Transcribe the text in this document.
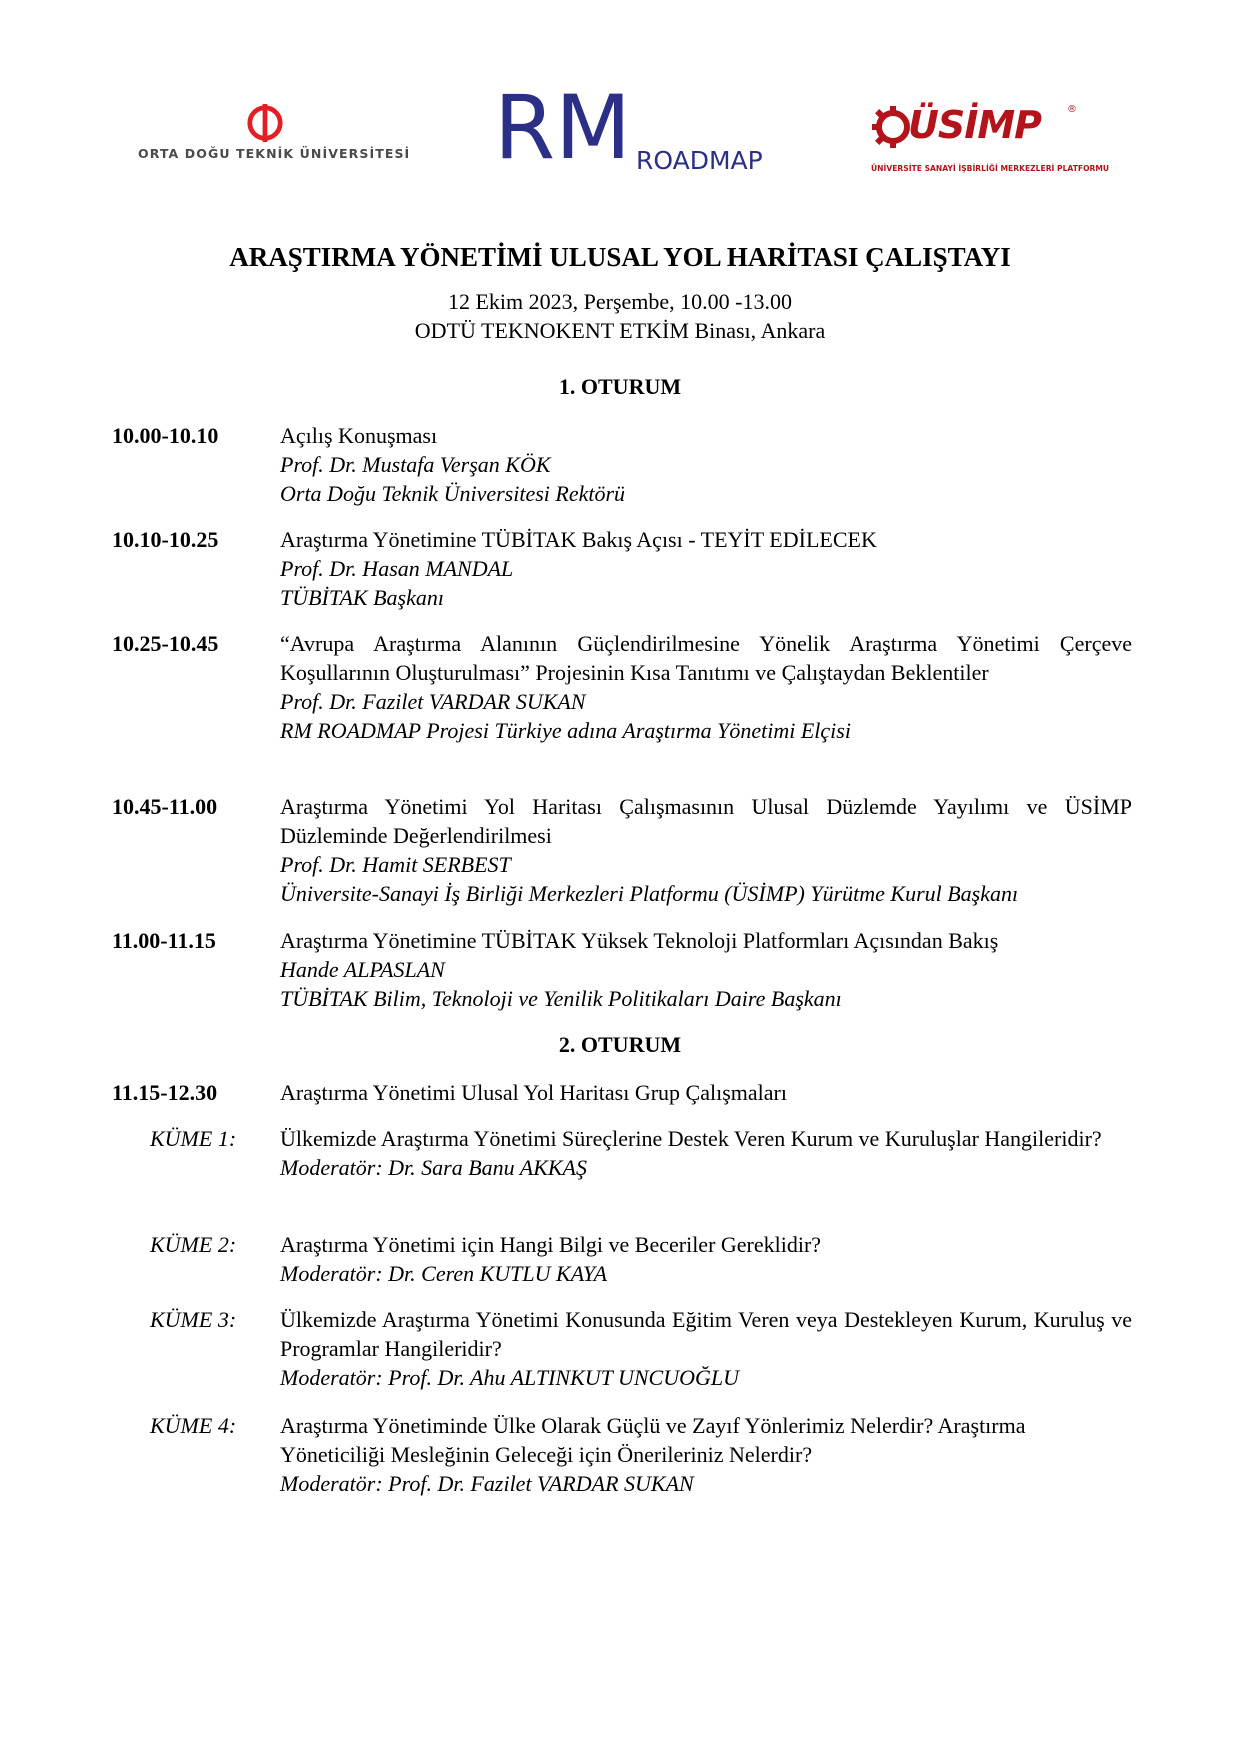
ORTA DOĞU TEKNİK ÜNİVERSİTESİ RM ROADMAP
ÜSİMP	®
ÜNİVERSİTE SANAYİ İŞBİRLİĞİ MERKEZLERİ PLATFORMU
ARAŞTIRMA YÖNETİMİ ULUSAL YOL HARİTASI ÇALIŞTAYI

12 Ekim 2023, Perşembe, 10.00 -13.00

ODTÜ TEKNOKENT ETKİM Binası, Ankara

1. OTURUM

10.00-10.10	Açılış Konuşması
Prof. Dr. Mustafa Verşan KÖK
Orta Doğu Teknik Üniversitesi Rektörü
10.10-10.25	Araştırma Yönetimine TÜBİTAK Bakış Açısı - TEYİT EDİLECEK
Prof. Dr. Hasan MANDAL
TÜBİTAK Başkanı
10.25-10.45	“Avrupa Araştırma Alanının Güçlendirilmesine Yönelik Araştırma Yönetimi Çerçeve Koşullarının Oluşturulması” Projesinin Kısa Tanıtımı ve Çalıştaydan Beklentiler
Prof. Dr. Fazilet VARDAR SUKAN
RM ROADMAP Projesi Türkiye adına Araştırma Yönetimi Elçisi
10.45-11.00	Araştırma Yönetimi Yol Haritası Çalışmasının Ulusal Düzlemde Yayılımı ve ÜSİMP Düzleminde Değerlendirilmesi
Prof. Dr. Hamit SERBEST
Üniversite-Sanayi İş Birliği Merkezleri Platformu (ÜSİMP) Yürütme Kurul Başkanı
11.00-11.15	Araştırma Yönetimine TÜBİTAK Yüksek Teknoloji Platformları Açısından Bakış
Hande ALPASLAN
TÜBİTAK Bilim, Teknoloji ve Yenilik Politikaları Daire Başkanı

2. OTURUM

11.15-12.30	Araştırma Yönetimi Ulusal Yol Haritası Grup Çalışmaları
KÜME 1: Ülkemizde Araştırma Yönetimi Süreçlerine Destek Veren Kurum ve Kuruluşlar Hangileridir?
Moderatör: Dr. Sara Banu AKKAŞ
KÜME 2: Araştırma Yönetimi için Hangi Bilgi ve Beceriler Gereklidir?
Moderatör: Dr. Ceren KUTLU KAYA
KÜME 3: Ülkemizde Araştırma Yönetimi Konusunda Eğitim Veren veya Destekleyen Kurum, Kuruluş ve Programlar Hangileridir?
Moderatör: Prof. Dr. Ahu ALTINKUT UNCUOĞLU
KÜME 4: Araştırma Yönetiminde Ülke Olarak Güçlü ve Zayıf Yönlerimiz Nelerdir? Araştırma Yöneticiliği Mesleğinin Geleceği için Önerileriniz Nelerdir?
Moderatör: Prof. Dr. Fazilet VARDAR SUKAN
